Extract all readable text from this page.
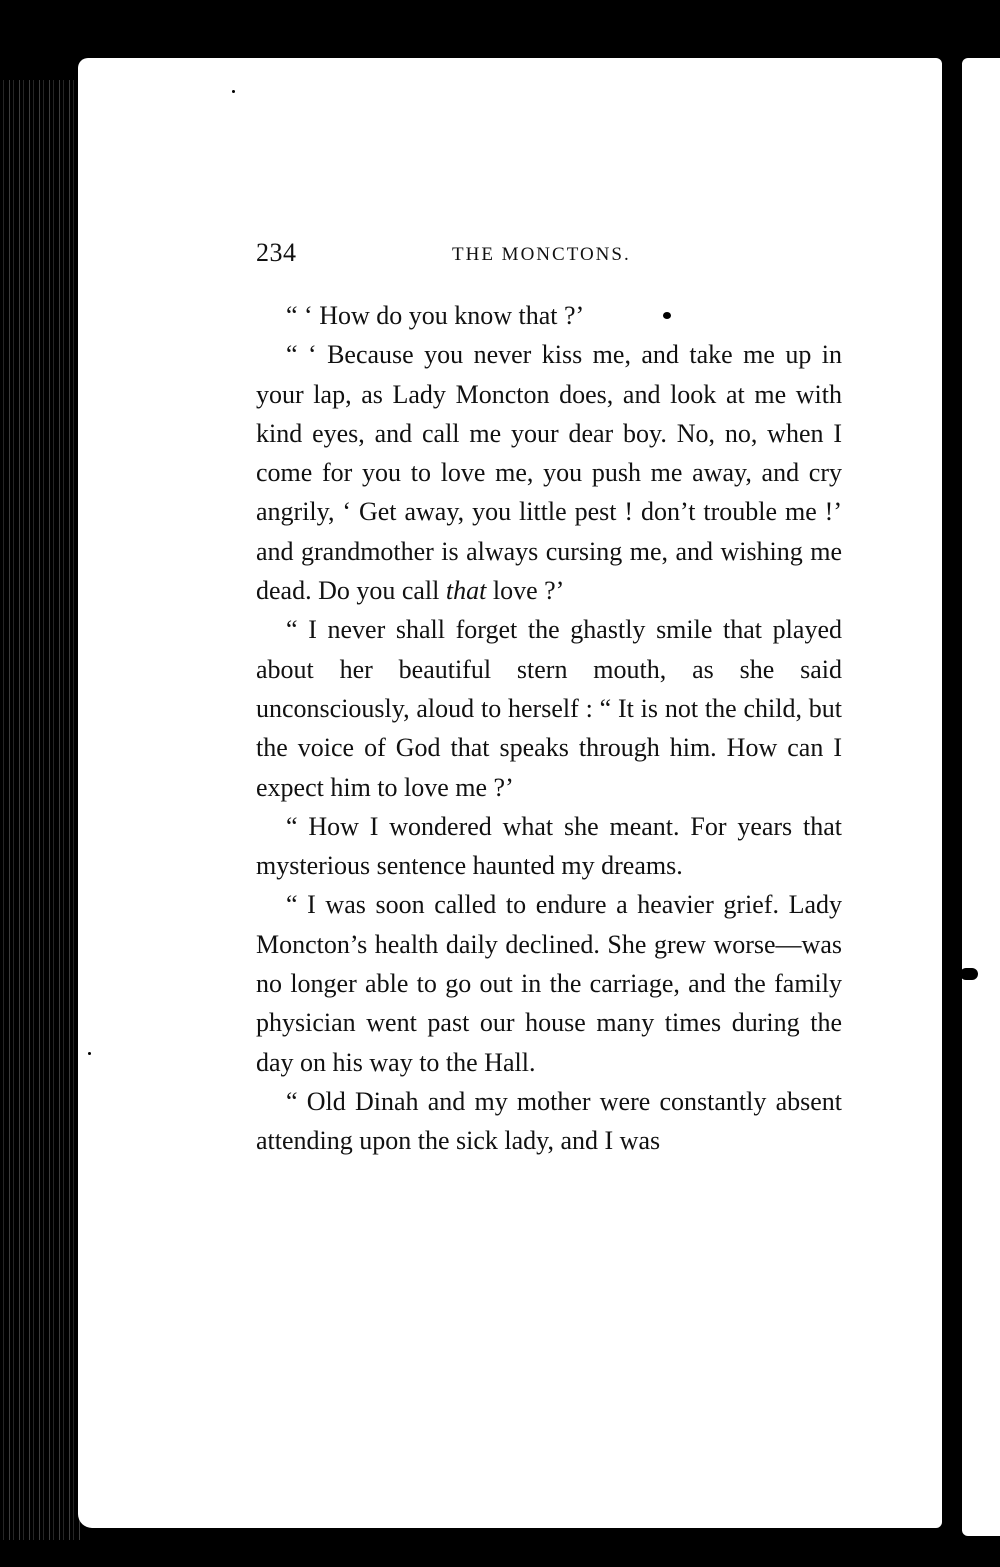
234	THE MONCTONS.

“ ‘ How do you know that ?’

“ ‘ Because you never kiss me, and take me up in your lap, as Lady Moncton does, and look at me with kind eyes, and call me your dear boy. No, no, when I come for you to love me, you push me away, and cry angrily, ‘ Get away, you little pest ! don’t trouble me !’ and grandmother is always cursing me, and wishing me dead. Do you call that love ?’

“ I never shall forget the ghastly smile that played about her beautiful stern mouth, as she said unconsciously, aloud to herself : “ It is not the child, but the voice of God that speaks through him. How can I expect him to love me ?’

“ How I wondered what she meant. For years that mysterious sentence haunted my dreams.

“ I was soon called to endure a heavier grief. Lady Moncton’s health daily declined. She grew worse—was no longer able to go out in the carriage, and the family physician went past our house many times during the day on his way to the Hall.

“ Old Dinah and my mother were constantly absent attending upon the sick lady, and I was
